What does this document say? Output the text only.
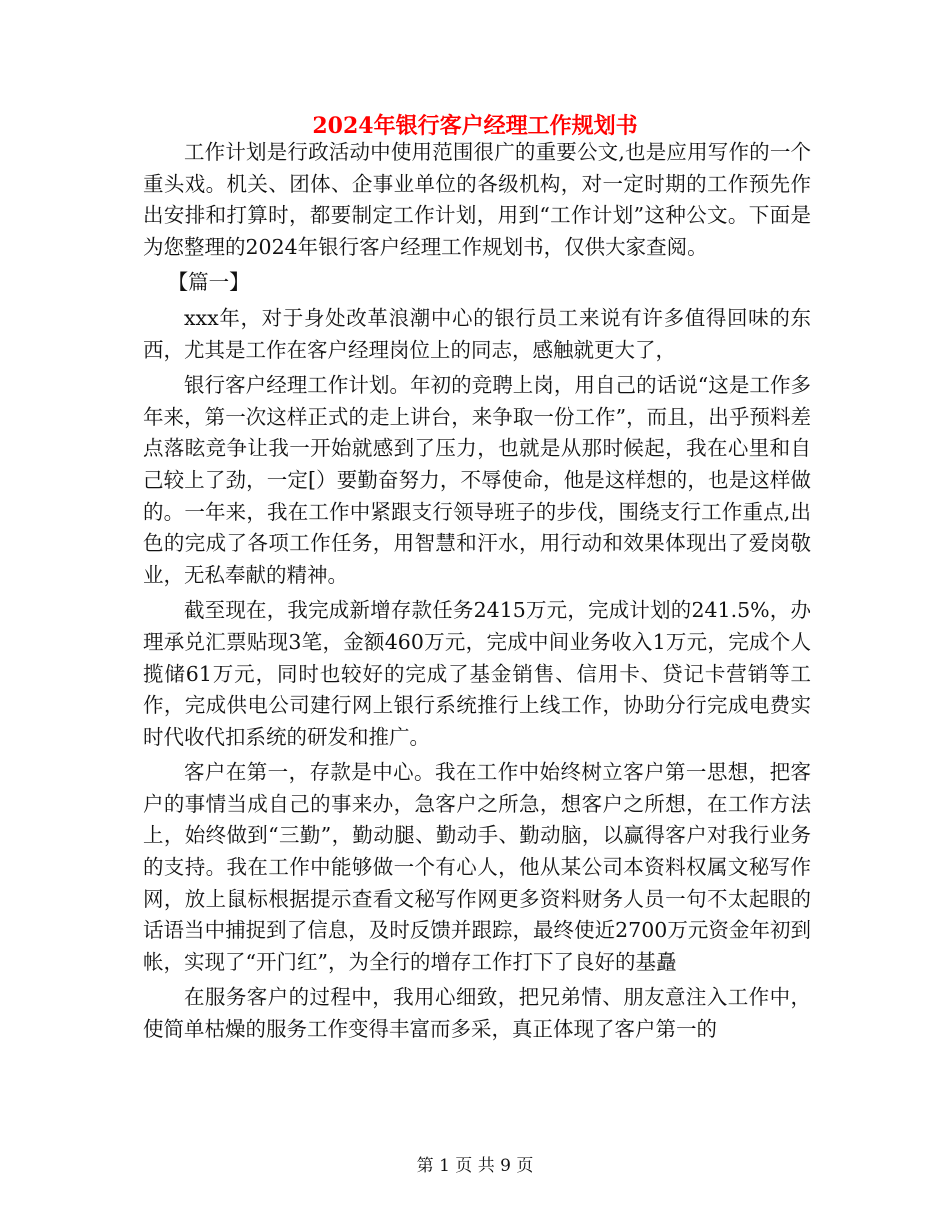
2024年银行客户经理工作规划书

工作计划是行政活动中使用范围很广的重要公文,也是应用写作的一个重头戏。机关、团体、企事业单位的各级机构，对一定时期的工作预先作出安排和打算时，都要制定工作计划，用到“工作计划”这种公文。下面是为您整理的2024年银行客户经理工作规划书，仅供大家查阅。

【篇一】

xxx年，对于身处改革浪潮中心的银行员工来说有许多值得回味的东西，尤其是工作在客户经理岗位上的同志，感触就更大了，

银行客户经理工作计划。年初的竞聘上岗，用自己的话说“这是工作多年来，第一次这样正式的走上讲台，来争取一份工作”，而且，出乎预料差点落眩竞争让我一开始就感到了压力，也就是从那时候起，我在心里和自己较上了劲，一定[）要勤奋努力，不辱使命，他是这样想的，也是这样做的。一年来，我在工作中紧跟支行领导班子的步伐，围绕支行工作重点,出色的完成了各项工作任务，用智慧和汗水，用行动和效果体现出了爱岗敬业，无私奉献的精神。

截至现在，我完成新增存款任务2415万元，完成计划的241.5%，办理承兑汇票贴现3笔，金额460万元，完成中间业务收入1万元，完成个人揽储61万元，同时也较好的完成了基金销售、信用卡、贷记卡营销等工作，完成供电公司建行网上银行系统推行上线工作，协助分行完成电费实时代收代扣系统的研发和推广。

客户在第一，存款是中心。我在工作中始终树立客户第一思想，把客户的事情当成自己的事来办，急客户之所急，想客户之所想，在工作方法上，始终做到“三勤”，勤动腿、勤动手、勤动脑，以赢得客户对我行业务的支持。我在工作中能够做一个有心人，他从某公司本资料权属文秘写作网，放上鼠标根据提示查看文秘写作网更多资料财务人员一句不太起眼的话语当中捕捉到了信息，及时反馈并跟踪，最终使近2700万元资金年初到帐，实现了“开门红”，为全行的增存工作打下了良好的基矗

在服务客户的过程中，我用心细致，把兄弟情、朋友意注入工作中，使简单枯燥的服务工作变得丰富而多采，真正体现了客户第一的

第 1 页 共 9 页
